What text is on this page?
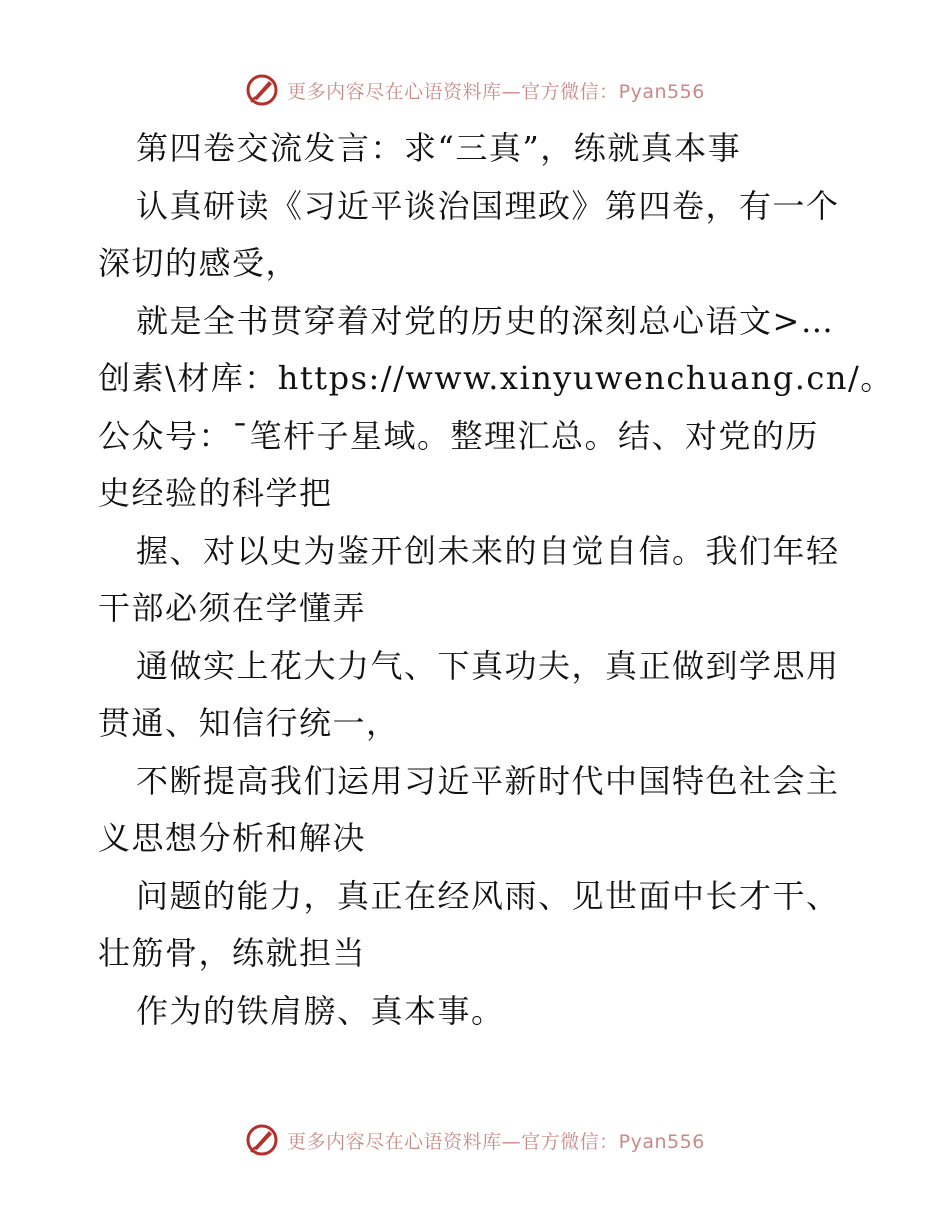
更多内容尽在心语资料库—官方微信：Pyan556
第四卷交流发言：求“三真”，练就真本事
认真研读《习近平谈治国理政》第四卷，有一个
深切的感受，
就是全书贯穿着对党的历史的深刻总心语文>…
创素\材库：https://www.xinyuwenchuang.cn/。
公众号：¯笔杆子星域。整理汇总。结、对党的历
史经验的科学把
握、对以史为鉴开创未来的自觉自信。我们年轻
干部必须在学懂弄
通做实上花大力气、下真功夫，真正做到学思用
贯通、知信行统一，
不断提高我们运用习近平新时代中国特色社会主
义思想分析和解决
问题的能力，真正在经风雨、见世面中长才干、
壮筋骨，练就担当
作为的铁肩膀、真本事。
更多内容尽在心语资料库—官方微信：Pyan556
